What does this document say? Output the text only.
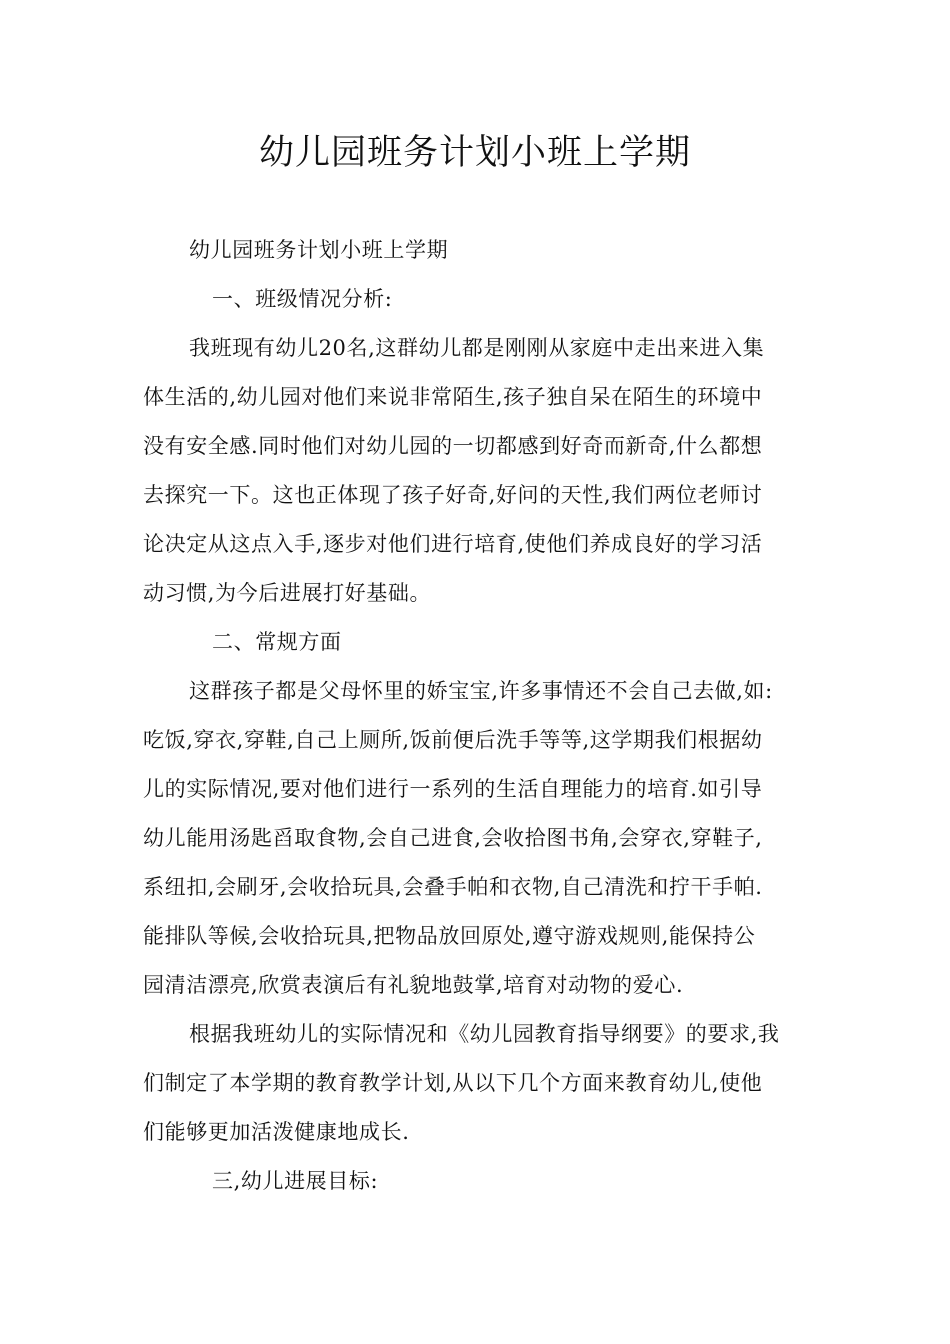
幼儿园班务计划小班上学期
幼儿园班务计划小班上学期
一、班级情况分析:
我班现有幼儿20名,这群幼儿都是刚刚从家庭中走出来进入集
体生活的,幼儿园对他们来说非常陌生,孩子独自呆在陌生的环境中
没有安全感.同时他们对幼儿园的一切都感到好奇而新奇,什么都想
去探究一下。这也正体现了孩子好奇,好问的天性,我们两位老师讨
论决定从这点入手,逐步对他们进行培育,使他们养成良好的学习活
动习惯,为今后进展打好基础。
二、常规方面
这群孩子都是父母怀里的娇宝宝,许多事情还不会自己去做,如:
吃饭,穿衣,穿鞋,自己上厕所,饭前便后洗手等等,这学期我们根据幼
儿的实际情况,要对他们进行一系列的生活自理能力的培育.如引导
幼儿能用汤匙舀取食物,会自己进食,会收拾图书角,会穿衣,穿鞋子,
系纽扣,会刷牙,会收拾玩具,会叠手帕和衣物,自己清洗和拧干手帕.
能排队等候,会收拾玩具,把物品放回原处,遵守游戏规则,能保持公
园清洁漂亮,欣赏表演后有礼貌地鼓掌,培育对动物的爱心.
根据我班幼儿的实际情况和《幼儿园教育指导纲要》的要求,我
们制定了本学期的教育教学计划,从以下几个方面来教育幼儿,使他
们能够更加活泼健康地成长.
三,幼儿进展目标:
